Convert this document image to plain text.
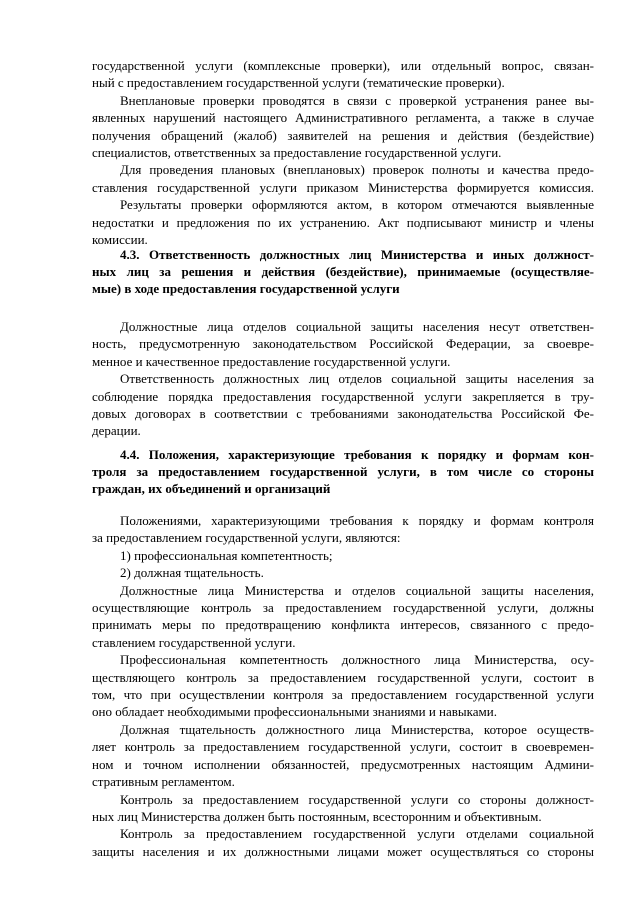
государственной услуги (комплексные проверки), или отдельный вопрос, связан-
ный с предоставлением государственной услуги (тематические проверки).

Внеплановые проверки проводятся в связи с проверкой устранения ранее вы-
явленных нарушений настоящего Административного регламента, а также в случае
получения обращений (жалоб) заявителей на решения и действия (бездействие)
специалистов, ответственных за предоставление государственной услуги.

Для проведения плановых (внеплановых) проверок полноты и качества предо-
ставления государственной услуги приказом Министерства формируется комиссия.

Результаты проверки оформляются актом, в котором отмечаются выявленные
недостатки и предложения по их устранению. Акт подписывают министр и члены
комиссии.

4.3. Ответственность должностных лиц Министерства и иных должност-
ных лиц за решения и действия (бездействие), принимаемые (осуществляе-
мые) в ходе предоставления государственной услуги

Должностные лица отделов социальной защиты населения несут ответствен-
ность, предусмотренную законодательством Российской Федерации, за своевре-
менное и качественное предоставление государственной услуги.

Ответственность должностных лиц отделов социальной защиты населения за
соблюдение порядка предоставления государственной услуги закрепляется в тру-
довых договорах в соответствии с требованиями законодательства Российской Фе-
дерации.

4.4. Положения, характеризующие требования к порядку и формам кон-
троля за предоставлением государственной услуги, в том числе со стороны
граждан, их объединений и организаций

Положениями, характеризующими требования к порядку и формам контроля
за предоставлением государственной услуги, являются:

1) профессиональная компетентность;

2) должная тщательность.

Должностные лица Министерства и отделов социальной защиты населения,
осуществляющие контроль за предоставлением государственной услуги, должны
принимать меры по предотвращению конфликта интересов, связанного с предо-
ставлением государственной услуги.

Профессиональная компетентность должностного лица Министерства, осу-
ществляющего контроль за предоставлением государственной услуги, состоит в
том, что при осуществлении контроля за предоставлением государственной услуги
оно обладает необходимыми профессиональными знаниями и навыками.

Должная тщательность должностного лица Министерства, которое осуществ-
ляет контроль за предоставлением государственной услуги, состоит в своевремен-
ном и точном исполнении обязанностей, предусмотренных настоящим Админи-
стративным регламентом.

Контроль за предоставлением государственной услуги со стороны должност-
ных лиц Министерства должен быть постоянным, всесторонним и объективным.

Контроль за предоставлением государственной услуги отделами социальной
защиты населения и их должностными лицами может осуществляться со стороны
